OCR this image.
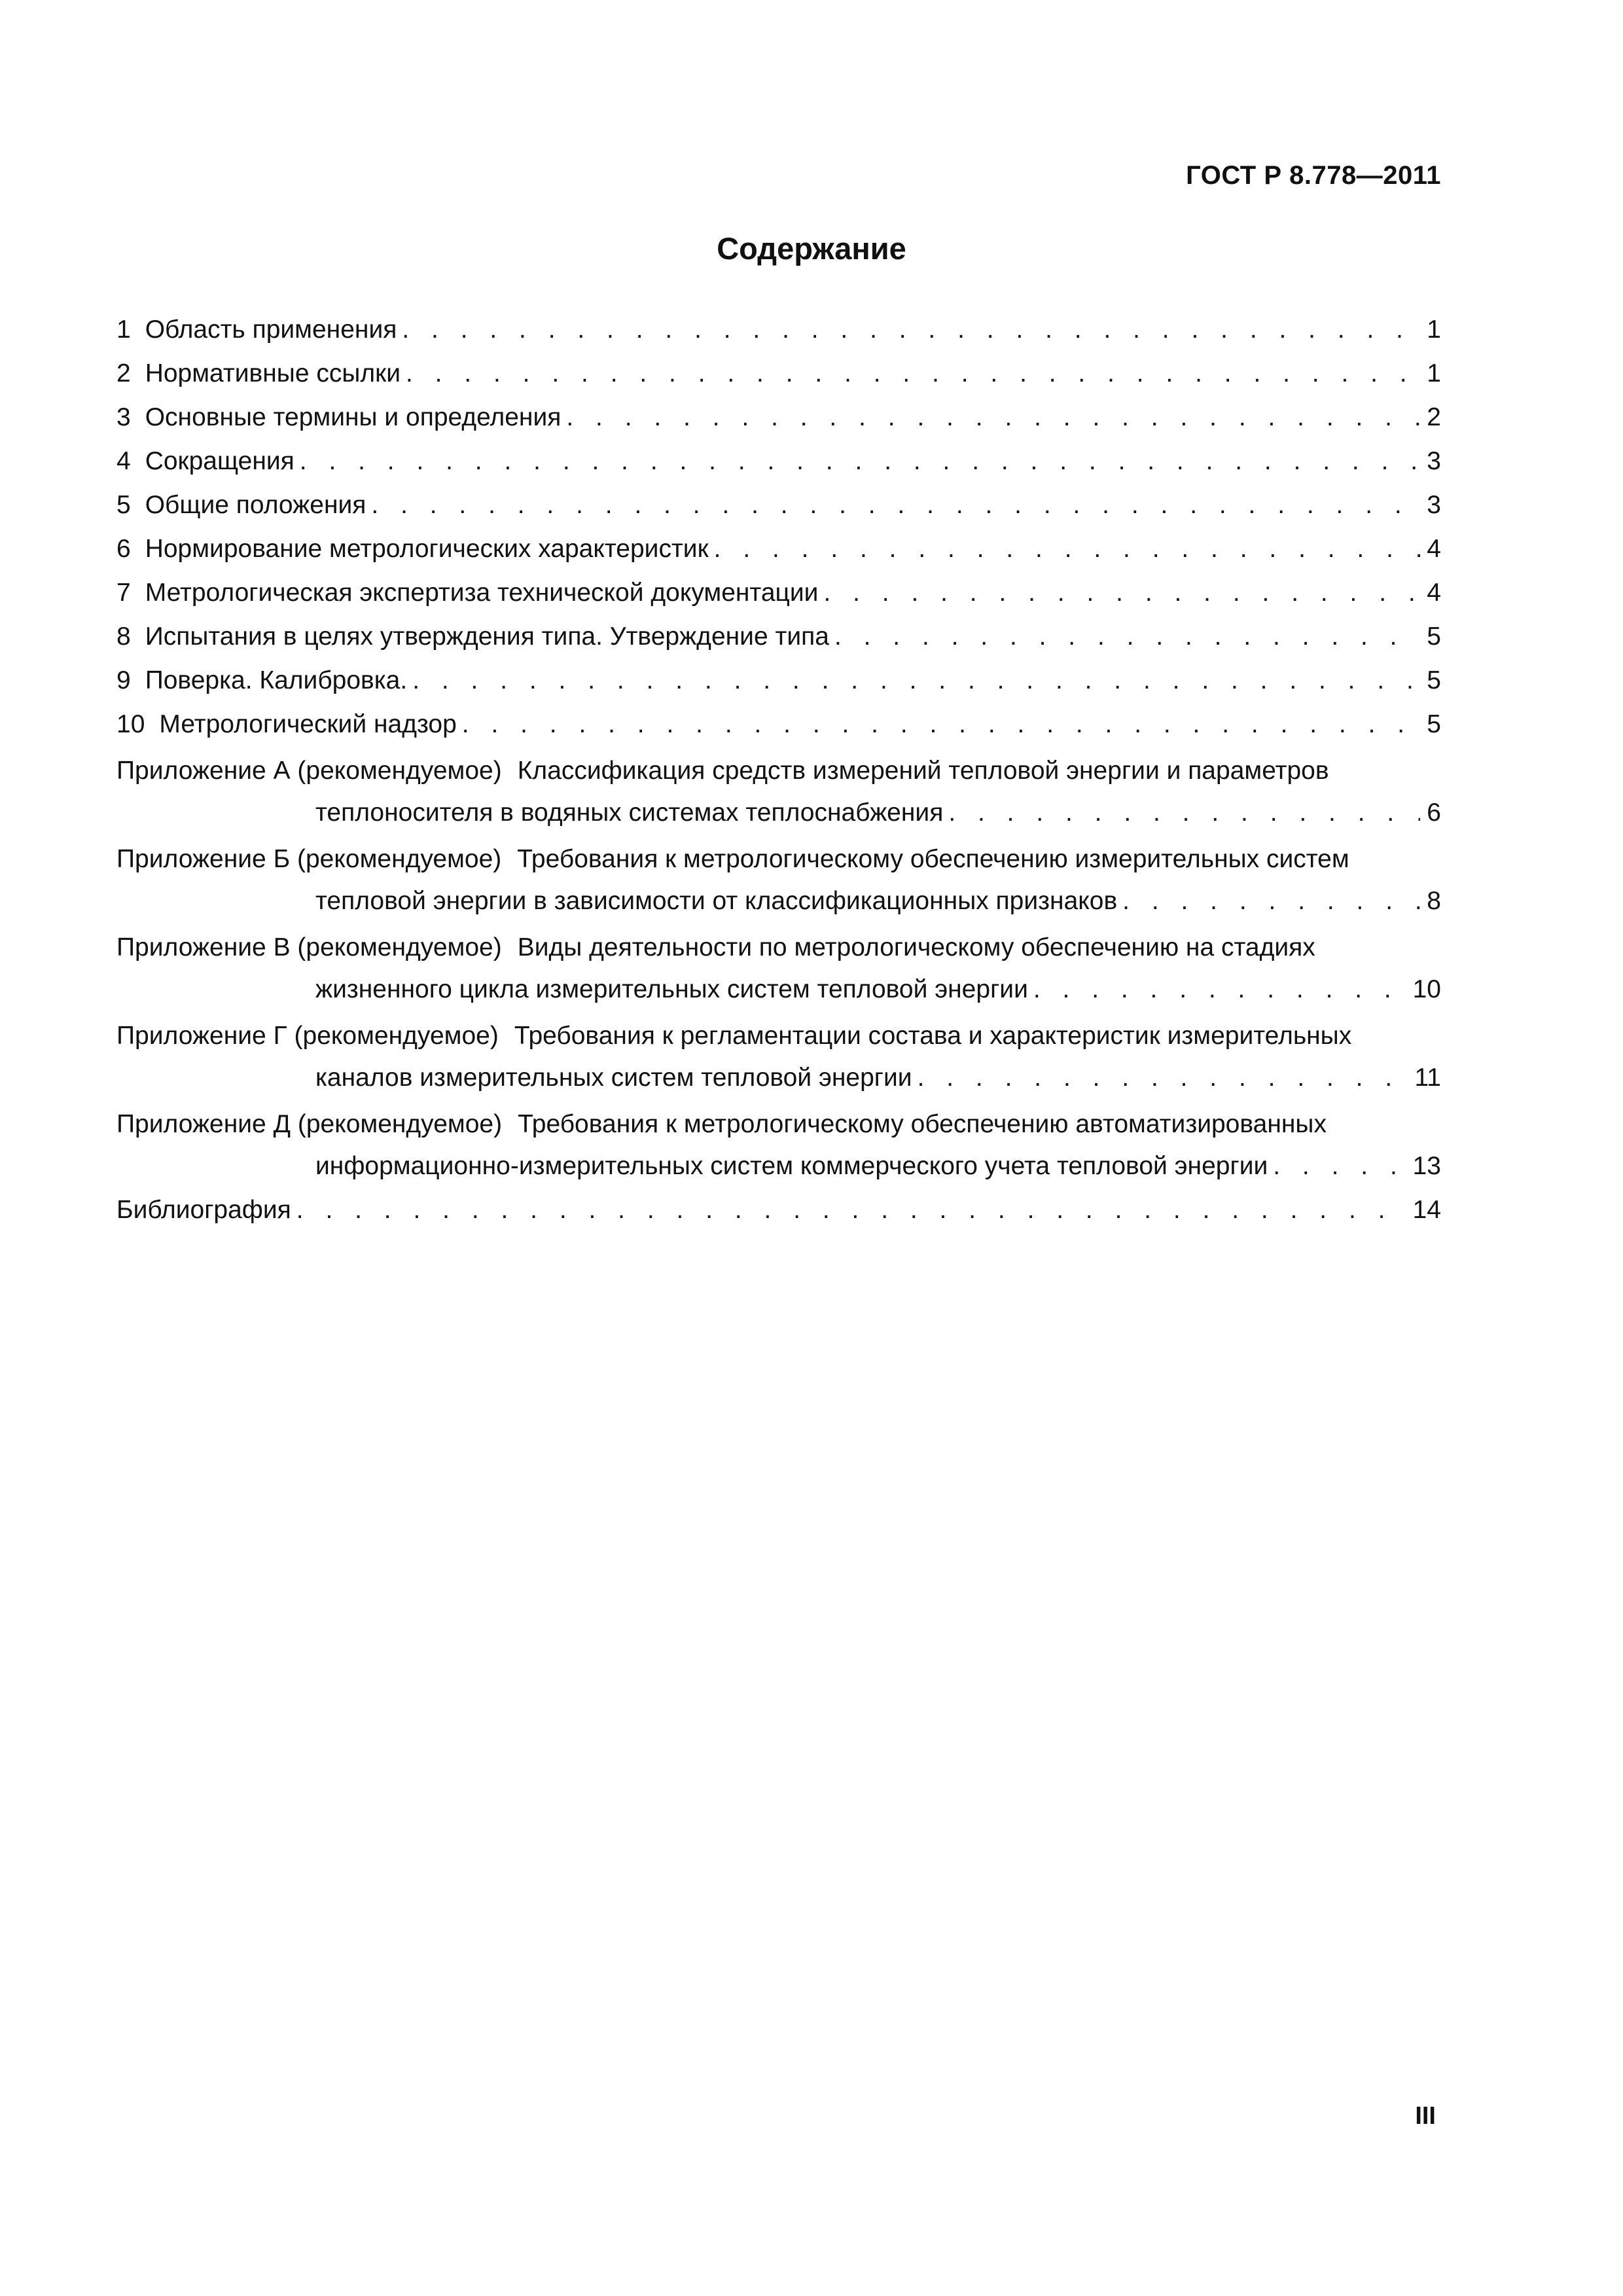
ГОСТ Р 8.778—2011
Содержание
1 Область применения . . .	1
2 Нормативные ссылки . . .	1
3 Основные термины и определения . . .	2
4 Сокращения . . .	3
5 Общие положения . . .	3
6 Нормирование метрологических характеристик . . .	4
7 Метрологическая экспертиза технической документации . . .	4
8 Испытания в целях утверждения типа. Утверждение типа . . .	5
9 Поверка. Калибровка. . . .	5
10 Метрологический надзор . . .	5
Приложение А (рекомендуемое) Классификация средств измерений тепловой энергии и параметров
теплоносителя в водяных системах теплоснабжения . . .	6
Приложение Б (рекомендуемое) Требования к метрологическому обеспечению измерительных систем
тепловой энергии в зависимости от классификационных признаков . . .	8
Приложение В (рекомендуемое) Виды деятельности по метрологическому обеспечению на стадиях
жизненного цикла измерительных систем тепловой энергии . . .	10
Приложение Г (рекомендуемое) Требования к регламентации состава и характеристик измерительных
каналов измерительных систем тепловой энергии . . .	11
Приложение Д (рекомендуемое) Требования к метрологическому обеспечению автоматизированных
информационно-измерительных систем коммерческого учета тепловой энергии . . .	13
Библиография . . .	14
III
